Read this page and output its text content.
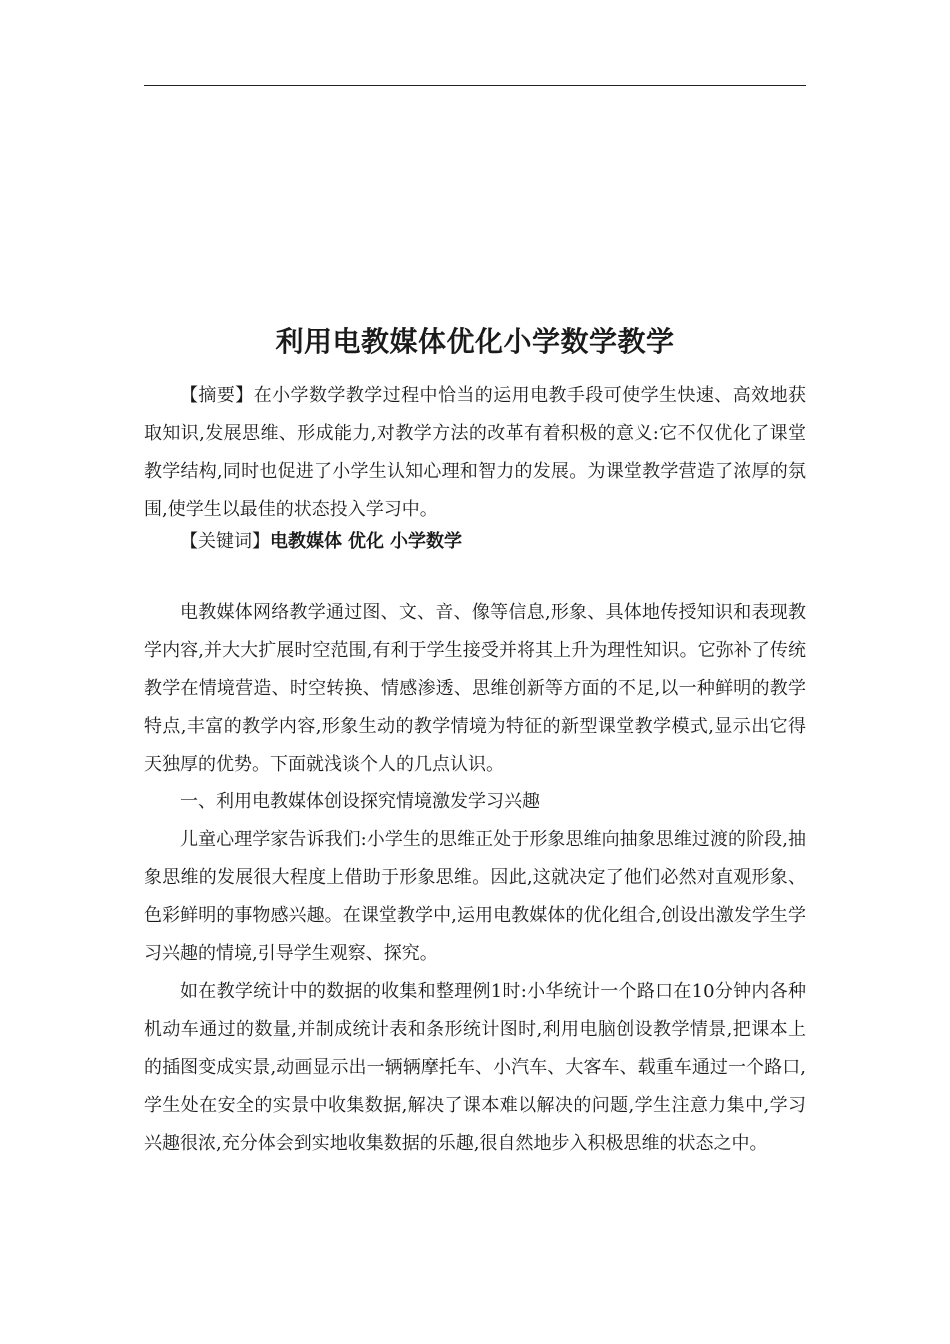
利用电教媒体优化小学数学教学

【摘要】在小学数学教学过程中恰当的运用电教手段可使学生快速、高效地获取知识,发展思维、形成能力,对教学方法的改革有着积极的意义:它不仅优化了课堂教学结构,同时也促进了小学生认知心理和智力的发展。为课堂教学营造了浓厚的氛围,使学生以最佳的状态投入学习中。

【关键词】电教媒体 优化 小学数学

电教媒体网络教学通过图、文、音、像等信息,形象、具体地传授知识和表现教学内容,并大大扩展时空范围,有利于学生接受并将其上升为理性知识。它弥补了传统教学在情境营造、时空转换、情感渗透、思维创新等方面的不足,以一种鲜明的教学特点,丰富的教学内容,形象生动的教学情境为特征的新型课堂教学模式,显示出它得天独厚的优势。下面就浅谈个人的几点认识。

一、利用电教媒体创设探究情境激发学习兴趣

儿童心理学家告诉我们:小学生的思维正处于形象思维向抽象思维过渡的阶段,抽象思维的发展很大程度上借助于形象思维。因此,这就决定了他们必然对直观形象、色彩鲜明的事物感兴趣。在课堂教学中,运用电教媒体的优化组合,创设出激发学生学习兴趣的情境,引导学生观察、探究。

如在教学统计中的数据的收集和整理例1时:小华统计一个路口在10分钟内各种机动车通过的数量,并制成统计表和条形统计图时,利用电脑创设教学情景,把课本上的插图变成实景,动画显示出一辆辆摩托车、小汽车、大客车、载重车通过一个路口,学生处在安全的实景中收集数据,解决了课本难以解决的问题,学生注意力集中,学习兴趣很浓,充分体会到实地收集数据的乐趣,很自然地步入积极思维的状态之中。
